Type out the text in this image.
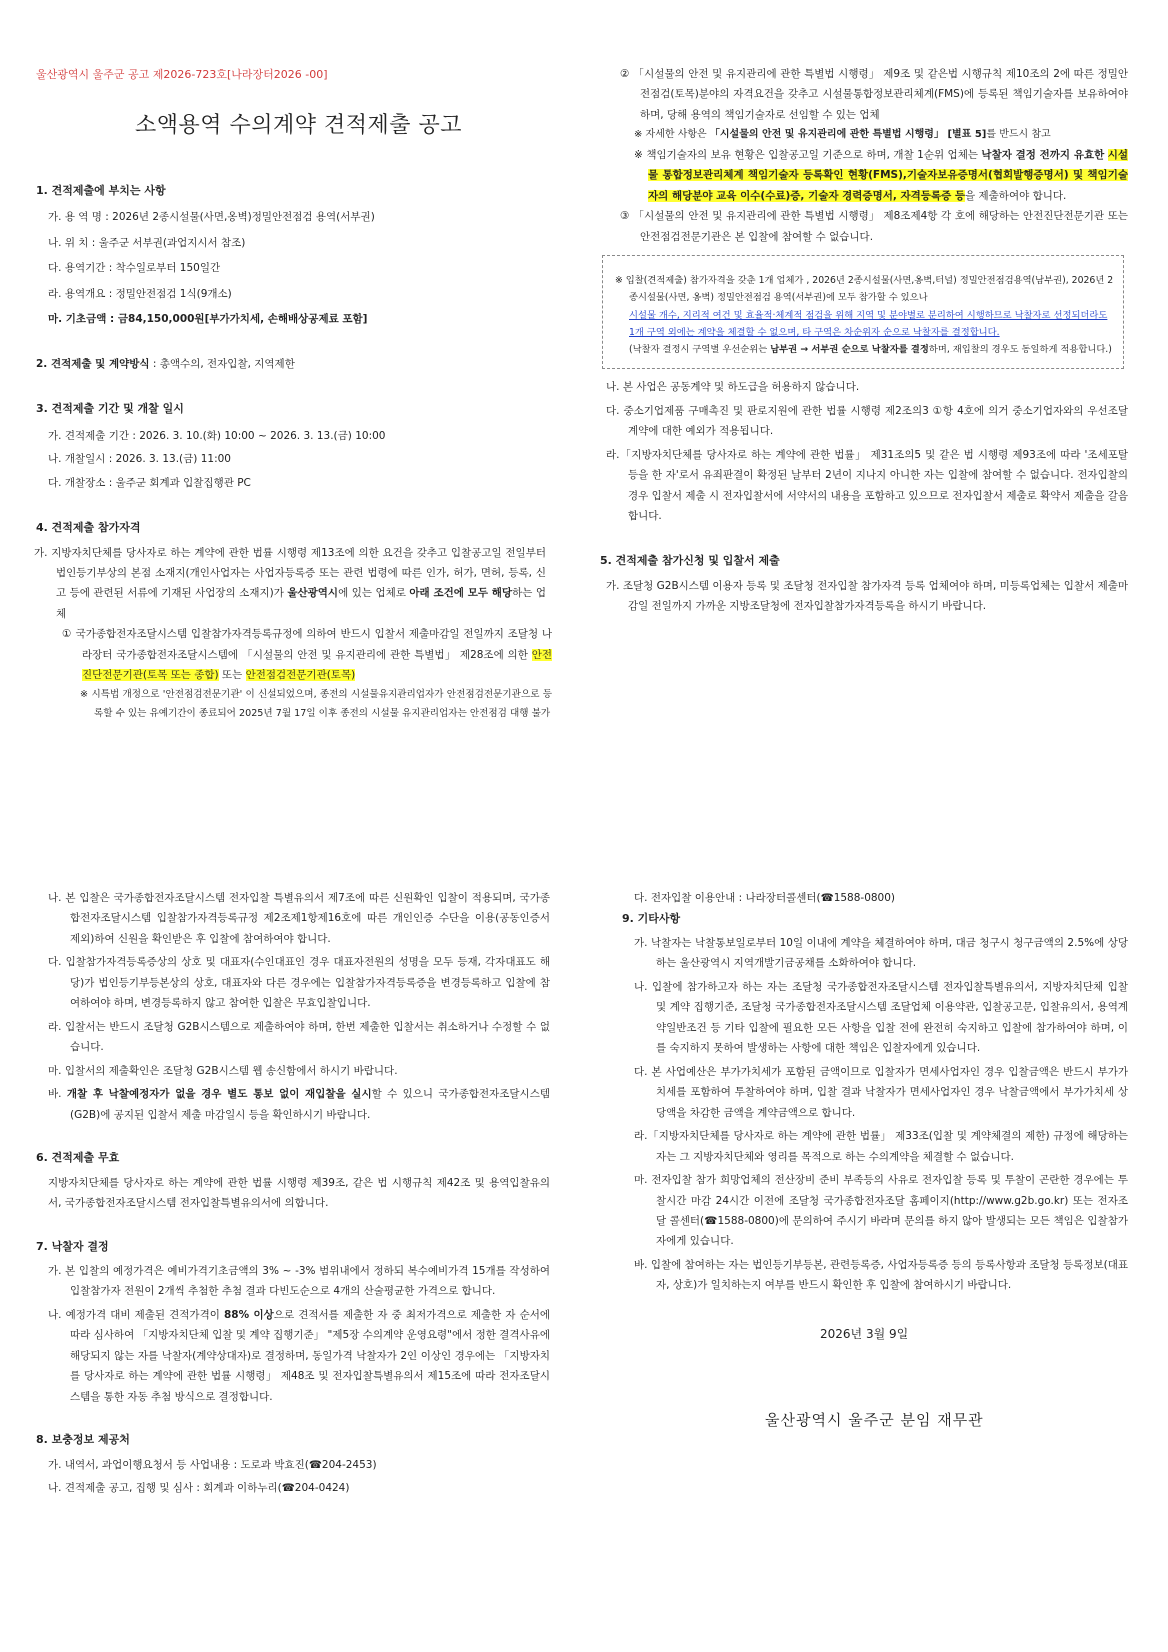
울산광역시 울주군 공고 제2026-723호[나라장터2026 -00]
소액용역 수의계약 견적제출 공고

1. 견적제출에 부치는 사항

가. 용 역 명 : 2026년 2종시설물(사면,옹벽)정밀안전점검 용역(서부권)

나. 위 치 : 울주군 서부권(과업지시서 참조)

다. 용역기간 : 착수일로부터 150일간

라. 용역개요 : 정밀안전점검 1식(9개소)

마. 기초금액 : 금84,150,000원[부가가치세, 손해배상공제료 포함]

2. 견적제출 및 계약방식 : 총액수의, 전자입찰, 지역제한

3. 견적제출 기간 및 개찰 일시

가. 견적제출 기간 : 2026. 3. 10.(화) 10:00 ~ 2026. 3. 13.(금) 10:00

나. 개찰일시 : 2026. 3. 13.(금) 11:00

다. 개찰장소 : 울주군 회계과 입찰집행관 PC

4. 견적제출 참가자격

가. 지방자치단체를 당사자로 하는 계약에 관한 법률 시행령 제13조에 의한 요건을 갖추고 입찰공고일 전일부터 법인등기부상의 본점 소재지(개인사업자는 사업자등록증 또는 관련 법령에 따른 인가, 허가, 면허, 등록, 신고 등에 관련된 서류에 기재된 사업장의 소재지)가 울산광역시에 있는 업체로 아래 조건에 모두 해당하는 업체

① 국가종합전자조달시스템 입찰참가자격등록규정에 의하여 반드시 입찰서 제출마감일 전일까지 조달청 나라장터 국가종합전자조달시스템에 「시설물의 안전 및 유지관리에 관한 특별법」 제28조에 의한 안전진단전문기관(토목 또는 종합) 또는 안전점검전문기관(토목)

※ 시특법 개정으로 '안전점검전문기관' 이 신설되었으며, 종전의 시설물유지관리업자가 안전점검전문기관으로 등록할 수 있는 유예기간이 종료되어 2025년 7월 17일 이후 종전의 시설물 유지관리업자는 안전점검 대행 불가

② 「시설물의 안전 및 유지관리에 관한 특별법 시행령」 제9조 및 같은법 시행규칙 제10조의 2에 따른 정밀안전점검(토목)분야의 자격요건을 갖추고 시설물통합정보관리체계(FMS)에 등록된 책임기술자를 보유하여야 하며, 당해 용역의 책임기술자로 선임할 수 있는 업체

※ 자세한 사항은 「시설물의 안전 및 유지관리에 관한 특별법 시행령」 [별표 5]를 반드시 참고

※ 책임기술자의 보유 현황은 입찰공고일 기준으로 하며, 개찰 1순위 업체는 낙찰자 결정 전까지 유효한 시설물 통합정보관리체계 책임기술자 등록확인 현황(FMS),기술자보유증명서(협회발행증명서) 및 책임기술자의 해당분야 교육 이수(수료)증, 기술자 경력증명서, 자격등록증 등을 제출하여야 합니다.

③ 「시설물의 안전 및 유지관리에 관한 특별법 시행령」 제8조제4항 각 호에 해당하는 안전진단전문기관 또는 안전점검전문기관은 본 입찰에 참여할 수 없습니다.

※ 입찰(견적제출) 참가자격을 갖춘 1개 업체가 , 2026년 2종시설물(사면,옹벽,터널) 정밀안전점검용역(남부권), 2026년 2종시설물(사면, 옹벽) 정밀안전점검 용역(서부권)에 모두 참가할 수 있으나

시설물 개수, 지리적 여건 및 효율적·체계적 점검을 위해 지역 및 분야별로 분리하여 시행하므로 낙찰자로 선정되더라도 1개 구역 외에는 계약을 체결할 수 없으며, 타 구역은 차순위자 순으로 낙찰자를 결정합니다.

(낙찰자 결정시 구역별 우선순위는 남부권 → 서부권 순으로 낙찰자를 결정하며, 재입찰의 경우도 동일하게 적용합니다.)

나. 본 사업은 공동계약 및 하도급을 허용하지 않습니다.

다. 중소기업제품 구매촉진 및 판로지원에 관한 법률 시행령 제2조의3 ①항 4호에 의거 중소기업자와의 우선조달계약에 대한 예외가 적용됩니다.

라.「지방자치단체를 당사자로 하는 계약에 관한 법률」 제31조의5 및 같은 법 시행령 제93조에 따라 '조세포탈 등을 한 자'로서 유죄판결이 확정된 날부터 2년이 지나지 아니한 자는 입찰에 참여할 수 없습니다. 전자입찰의 경우 입찰서 제출 시 전자입찰서에 서약서의 내용을 포함하고 있으므로 전자입찰서 제출로 확약서 제출을 갈음합니다.

5. 견적제출 참가신청 및 입찰서 제출

가. 조달청 G2B시스템 이용자 등록 및 조달청 전자입찰 참가자격 등록 업체여야 하며, 미등록업체는 입찰서 제출마감일 전일까지 가까운 지방조달청에 전자입찰참가자격등록을 하시기 바랍니다.

나. 본 입찰은 국가종합전자조달시스템 전자입찰 특별유의서 제7조에 따른 신원확인 입찰이 적용되며, 국가종합전자조달시스템 입찰참가자격등록규정 제2조제1항제16호에 따른 개인인증 수단을 이용(공동인증서 제외)하여 신원을 확인받은 후 입찰에 참여하여야 합니다.

다. 입찰참가자격등록증상의 상호 및 대표자(수인대표인 경우 대표자전원의 성명을 모두 등재, 각자대표도 해당)가 법인등기부등본상의 상호, 대표자와 다른 경우에는 입찰참가자격등록증을 변경등록하고 입찰에 참여하여야 하며, 변경등록하지 않고 참여한 입찰은 무효입찰입니다.

라. 입찰서는 반드시 조달청 G2B시스템으로 제출하여야 하며, 한번 제출한 입찰서는 취소하거나 수정할 수 없습니다.

마. 입찰서의 제출확인은 조달청 G2B시스템 웹 송신함에서 하시기 바랍니다.

바. 개찰 후 낙찰예정자가 없을 경우 별도 통보 없이 재입찰을 실시할 수 있으니 국가종합전자조달시스템(G2B)에 공지된 입찰서 제출 마감일시 등을 확인하시기 바랍니다.

6. 견적제출 무효

지방자치단체를 당사자로 하는 계약에 관한 법률 시행령 제39조, 같은 법 시행규칙 제42조 및 용역입찰유의서, 국가종합전자조달시스템 전자입찰특별유의서에 의합니다.

7. 낙찰자 결정

가. 본 입찰의 예정가격은 예비가격기초금액의 3% ~ -3% 범위내에서 정하되 복수예비가격 15개를 작성하여 입찰참가자 전원이 2개씩 추첨한 추첨 결과 다빈도순으로 4개의 산술평균한 가격으로 합니다.

나. 예정가격 대비 제출된 견적가격이 88% 이상으로 견적서를 제출한 자 중 최저가격으로 제출한 자 순서에 따라 심사하여 「지방자치단체 입찰 및 계약 집행기준」 "제5장 수의계약 운영요령"에서 정한 결격사유에 해당되지 않는 자를 낙찰자(계약상대자)로 결정하며, 동일가격 낙찰자가 2인 이상인 경우에는 「지방자치를 당사자로 하는 계약에 관한 법률 시행령」 제48조 및 전자입찰특별유의서 제15조에 따라 전자조달시스템을 통한 자동 추첨 방식으로 결정합니다.

8. 보충정보 제공처

가. 내역서, 과업이행요청서 등 사업내용 : 도로과 박효진(☎204-2453)

나. 견적제출 공고, 집행 및 심사 : 회계과 이하누리(☎204-0424)

다. 전자입찰 이용안내 : 나라장터콜센터(☎1588-0800)

9. 기타사항

가. 낙찰자는 낙찰통보일로부터 10일 이내에 계약을 체결하여야 하며, 대금 청구시 청구금액의 2.5%에 상당하는 울산광역시 지역개발기금공채를 소화하여야 합니다.

나. 입찰에 참가하고자 하는 자는 조달청 국가종합전자조달시스템 전자입찰특별유의서, 지방자치단체 입찰 및 계약 집행기준, 조달청 국가종합전자조달시스템 조달업체 이용약관, 입찰공고문, 입찰유의서, 용역계약일반조건 등 기타 입찰에 필요한 모든 사항을 입찰 전에 완전히 숙지하고 입찰에 참가하여야 하며, 이를 숙지하지 못하여 발생하는 사항에 대한 책임은 입찰자에게 있습니다.

다. 본 사업예산은 부가가치세가 포함된 금액이므로 입찰자가 면세사업자인 경우 입찰금액은 반드시 부가가치세를 포함하여 투찰하여야 하며, 입찰 결과 낙찰자가 면세사업자인 경우 낙찰금액에서 부가가치세 상당액을 차감한 금액을 계약금액으로 합니다.

라.「지방자치단체를 당사자로 하는 계약에 관한 법률」 제33조(입찰 및 계약체결의 제한) 규정에 해당하는 자는 그 지방자치단체와 영리를 목적으로 하는 수의계약을 체결할 수 없습니다.

마. 전자입찰 참가 희망업체의 전산장비 준비 부족등의 사유로 전자입찰 등록 및 투찰이 곤란한 경우에는 투찰시간 마감 24시간 이전에 조달청 국가종합전자조달 홈페이지(http://www.g2b.go.kr) 또는 전자조달 콜센터(☎1588-0800)에 문의하여 주시기 바라며 문의를 하지 않아 발생되는 모든 책임은 입찰참가자에게 있습니다.

바. 입찰에 참여하는 자는 법인등기부등본, 관련등록증, 사업자등록증 등의 등록사항과 조달청 등록정보(대표자, 상호)가 일치하는지 여부를 반드시 확인한 후 입찰에 참여하시기 바랍니다.

2026년 3월 9일
울산광역시 울주군 분임 재무관
